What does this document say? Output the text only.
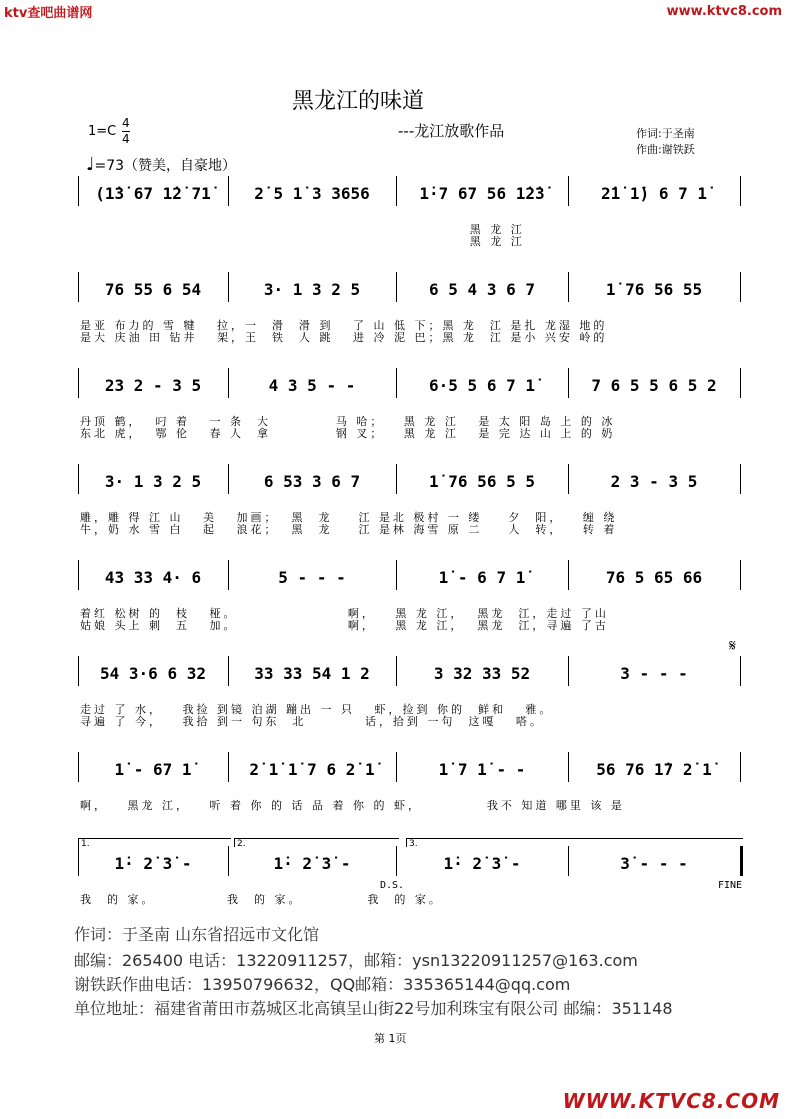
ktv查吧曲谱网	www.ktvc8.com
黑龙江的味道
---龙江放歌作品	作词:于圣南
作曲:谢铁跃
$1=C \frac{4}{4}$
♩=73（赞美，自豪地）
(1̇3̇ 67 1̇2̇ 71̇	2̇ 5 1̇ 3 3656	1̇·7 67 56 1̇2̇3̇	2̇1̇ 1̇) 6 7 1̇
黑 龙 江
黑 龙 江
76 55 6 54	3· 1 3 2 5	6 5 4 3 6 7	1̇ 76 56 55
是亚 布力的 雪 犍   拉，一  滑  滑 到   了 山 低 下；黑 龙  江 是扎 龙湿 地的
是大 庆油 田 钻井   架，王  铁  人 跳   进 冷 泥 巴；黑 龙  江 是小 兴安 岭的
23 2 - 3 5	4 3 5 - -	6·5 5 6 7 1̇	7 6 5 5 6 5 2
丹顶 鹤，  叼 着   一 条  大          马 哈；   黑 龙 江   是 太 阳 岛 上 的 冰
东北 虎，  鄂 伦   春 人  拿          钢 叉；   黑 龙 江   是 完 达 山 上 的 奶
3· 1 3 2 5	6 53 3 6 7	1̇ 76 56 5 5	2 3 - 3 5
雕，雕 得 江 山   美   加画；  黑  龙    江 是北 极村 一 缕    夕  阳，   缠 绕
牛，奶 水 雪 白   起   浪花；  黑  龙    江 是林 海雪 原 二    人  转，   转 着
43 33 4· 6	5 - - -	1̇ - 6 7 1̇	76 5 65 66
着红 松树 的  枝   桠。                 啊，   黑 龙 江，  黑龙  江，走过 了山
姑娘 头上 刺  五   加。                 啊，   黑 龙 江，  黑龙  江，寻遍 了古
54 3·6 6 32	33 33 54 1 2	3 32 33 52	3 - - -
走过 了 水，   我捡 到镜 泊湖 蹦出 一 只   虾，捡到 你的  鲜和   雅。
寻遍 了 今，   我拾 到一 句东  北         话，拾到 一句  这嘎   嗒。
𝄋
1̇ - 67 1̇	2̇ 1̇ 1̇ 7 6 2̇ 1̇	1̇ 7 1̇ - -	56 76 1̇7 2̇ 1̇
啊，   黑龙 江，   听 着 你 的 话 品 着 你 的 虾，          我不 知道 哪里 该 是
1̇· 2̇ 3̇ -	1̇· 2̇ 3̇ -	1̇· 2̇ 3̇ -	3̇ - - -
我  的 家。           我  的 家。          我  的 家。
1.	2.	3.
D.S.	FINE
作词：于圣南 山东省招远市文化馆
邮编：265400 电话：13220911257，邮箱：ysn13220911257@163.com
谢铁跃作曲电话：13950796632，QQ邮箱：335365144@qq.com
单位地址：福建省莆田市荔城区北高镇呈山街22号加利珠宝有限公司 邮编：351148
第 1页
WWW.KTVC8.COM
